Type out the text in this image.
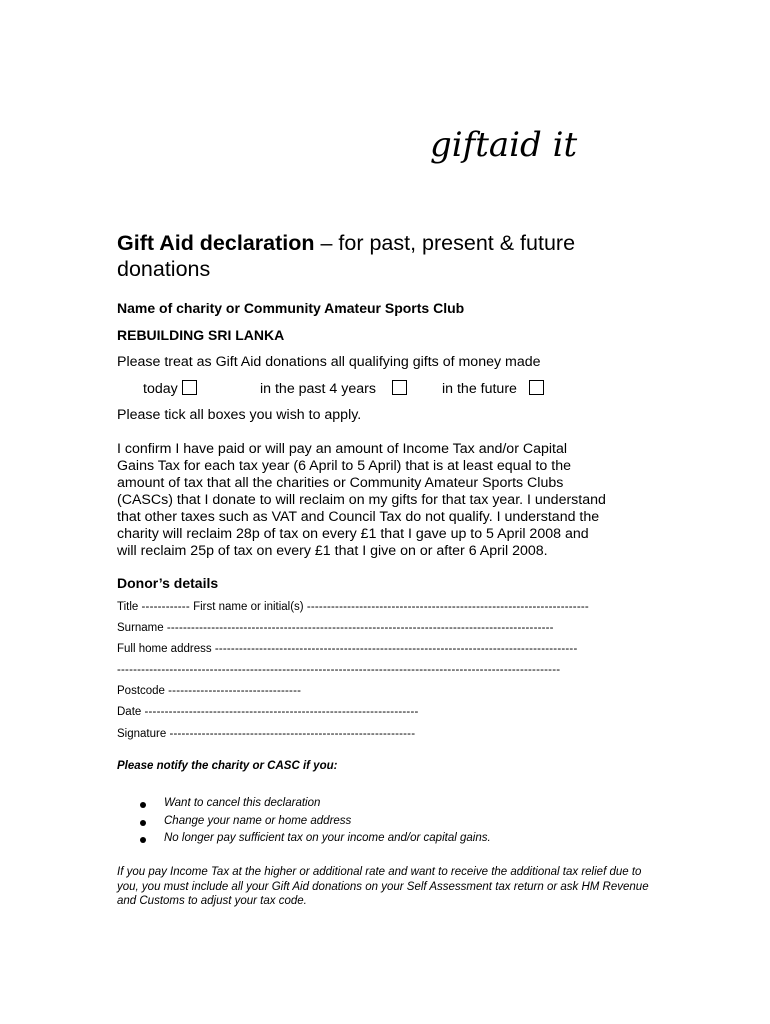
giftaid it
Gift Aid declaration – for past, present & future donations
Name of charity or Community Amateur Sports Club
REBUILDING SRI LANKA
Please treat as Gift Aid donations all qualifying gifts of money made
today	in the past 4 years	in the future
Please tick all boxes you wish to apply.
I confirm I have paid or will pay an amount of Income Tax and/or Capital
Gains Tax for each tax year (6 April to 5 April) that is at least equal to the
amount of tax that all the charities or Community Amateur Sports Clubs
(CASCs) that I donate to will reclaim on my gifts for that tax year. I understand
that other taxes such as VAT and Council Tax do not qualify. I understand the
charity will reclaim 28p of tax on every £1 that I gave up to 5 April 2008 and
will reclaim 25p of tax on every £1 that I give on or after 6 April 2008.
Donor’s details
Title ------------ First name or initial(s) ----------------------------------------------------------------------
Surname ------------------------------------------------------------------------------------------------
Full home address ------------------------------------------------------------------------------------------
--------------------------------------------------------------------------------------------------------------
Postcode ---------------------------------
Date --------------------------------------------------------------------
Signature -------------------------------------------------------------
Please notify the charity or CASC if you:
Want to cancel this declaration
Change your name or home address
No longer pay sufficient tax on your income and/or capital gains.
If you pay Income Tax at the higher or additional rate and want to receive the additional tax relief due to you, you must include all your Gift Aid donations on your Self Assessment tax return or ask HM Revenue and Customs to adjust your tax code.
